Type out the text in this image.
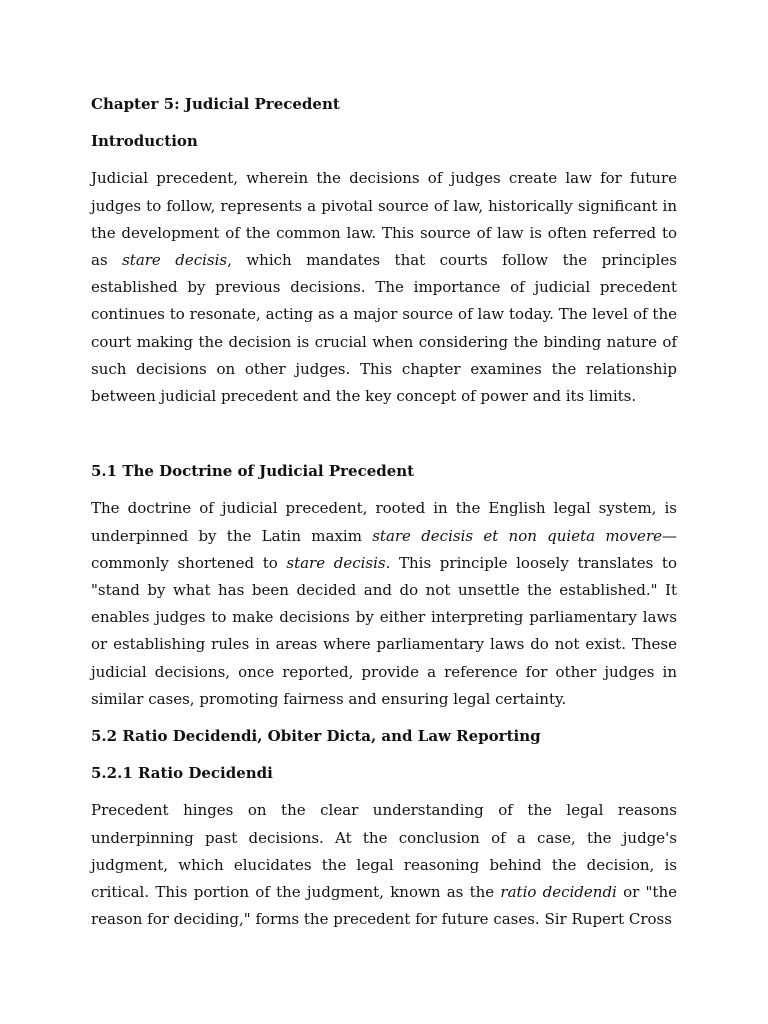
Chapter 5: Judicial Precedent
Introduction

Judicial precedent, wherein the decisions of judges create law for future judges to follow, represents a pivotal source of law, historically significant in the development of the common law. This source of law is often referred to as stare decisis, which mandates that courts follow the principles established by previous decisions. The importance of judicial precedent continues to resonate, acting as a major source of law today. The level of the court making the decision is crucial when considering the binding nature of such decisions on other judges. This chapter examines the relationship between judicial precedent and the key concept of power and its limits.

5.1 The Doctrine of Judicial Precedent

The doctrine of judicial precedent, rooted in the English legal system, is underpinned by the Latin maxim stare decisis et non quieta movere—commonly shortened to stare decisis. This principle loosely translates to "stand by what has been decided and do not unsettle the established." It enables judges to make decisions by either interpreting parliamentary laws or establishing rules in areas where parliamentary laws do not exist. These judicial decisions, once reported, provide a reference for other judges in similar cases, promoting fairness and ensuring legal certainty.

5.2 Ratio Decidendi, Obiter Dicta, and Law Reporting
5.2.1 Ratio Decidendi

Precedent hinges on the clear understanding of the legal reasons underpinning past decisions. At the conclusion of a case, the judge's judgment, which elucidates the legal reasoning behind the decision, is critical. This portion of the judgment, known as the ratio decidendi or "the reason for deciding," forms the precedent for future cases. Sir Rupert Cross
